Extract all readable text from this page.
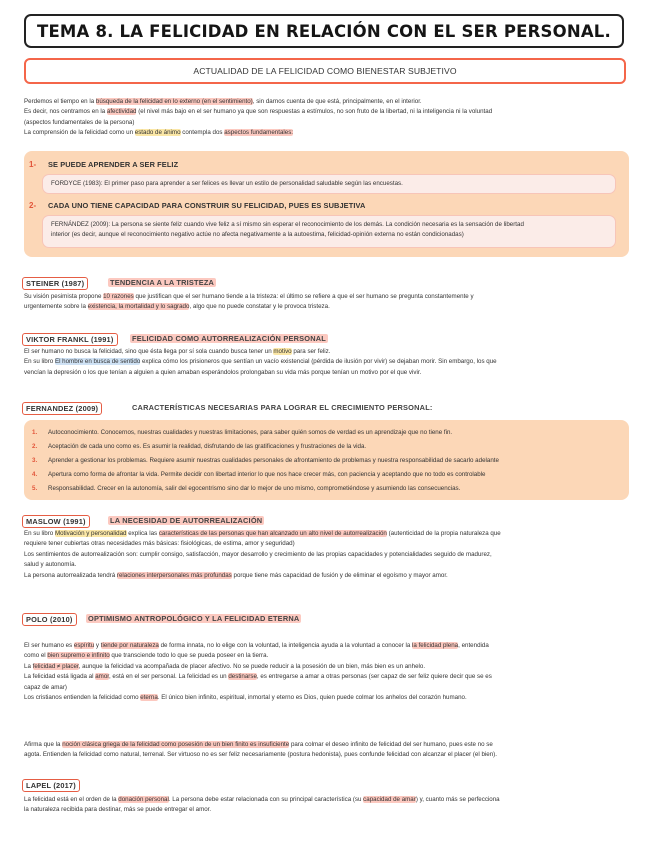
TEMA 8. LA FELICIDAD EN RELACIÓN CON EL SER PERSONAL.
ACTUALIDAD DE LA FELICIDAD COMO BIENESTAR SUBJETIVO
Perdemos el tiempo en la búsqueda de la felicidad en lo externo (en el sentimiento), sin darnos cuenta de que está, principalmente, en el interior.
Es decir, nos centramos en la afectividad (el nivel más bajo en el ser humano ya que son respuestas a estímulos, no son fruto de la libertad, ni la inteligencia ni la voluntad
(aspectos fundamentales de la persona)
La comprensión de la felicidad como un estado de ánimo contempla dos aspectos fundamentales:
1- SE PUEDE APRENDER A SER FELIZ
FORDYCE (1983): El primer paso para aprender a ser felices es llevar un estilo de personalidad saludable según las encuestas.
2- CADA UNO TIENE CAPACIDAD PARA CONSTRUIR SU FELICIDAD, PUES ES SUBJETIVA
FERNÁNDEZ (2009): La persona se siente feliz cuando vive feliz a sí mismo sin esperar el reconocimiento de los demás. La condición necesaria es la sensación de libertad
interior (es decir, aunque el reconocimiento negativo actúe no afecta negativamente a la autoestima, felicidad-opinión externa no están condicionadas)
STEINER (1987)	TENDENCIA A LA TRISTEZA
Su visión pesimista propone 10 razones que justifican que el ser humano tiende a la tristeza: el último se refiere a que el ser humano se pregunta constantemente y
urgentemente sobre la existencia, la mortalidad y lo sagrado, algo que no puede constatar y le provoca tristeza.
VIKTOR FRANKL (1991)	FELICIDAD COMO AUTORREALIZACIÓN PERSONAL
El ser humano no busca la felicidad, sino que ésta llega por sí sola cuando busca tener un motivo para ser feliz.
En su libro El hombre en busca de sentido explica cómo los prisioneros que sentían un vacío existencial (pérdida de ilusión por vivir) se dejaban morir. Sin embargo, los que
vencían la depresión o los que tenían a alguien a quien amaban esperándolos prolongaban su vida más porque tenían un motivo por el que vivir.
FERNANDEZ (2009)	CARACTERÍSTICAS NECESARIAS PARA LOGRAR EL CRECIMIENTO PERSONAL:
1. Autoconocimiento. Conocernos, nuestras cualidades y nuestras limitaciones, para saber quién somos de verdad es un aprendizaje que no tiene fin.
2. Aceptación de cada uno como es. Es asumir la realidad, disfrutando de las gratificaciones y frustraciones de la vida.
3. Aprender a gestionar los problemas. Requiere asumir nuestras cualidades personales de afrontamiento de problemas y nuestra responsabilidad de sacarlo adelante
4. Apertura como forma de afrontar la vida. Permite decidir con libertad interior lo que nos hace crecer más, con paciencia y aceptando que no todo es controlable
5. Responsabilidad. Crecer en la autonomía, salir del egocentrismo sino dar lo mejor de uno mismo, comprometiéndose y asumiendo las consecuencias.
MASLOW (1991)	LA NECESIDAD DE AUTORREALIZACIÓN
En su libro Motivación y personalidad explica las características de las personas que han alcanzado un alto nivel de autorrealización (autenticidad de la propia naturaleza que
requiere tener cubiertas otras necesidades más básicas: fisiológicas, de estima, amor y seguridad)
Los sentimientos de autorrealización son: cumplir consigo, satisfacción, mayor desarrollo y crecimiento de las propias capacidades y potencialidades seguido de madurez,
salud y autonomía.
La persona autorrealizada tendrá relaciones interpersonales más profundas porque tiene más capacidad de fusión y de eliminar el egoísmo y mayor amor.
POLO (2010)	OPTIMISMO ANTROPOLÓGICO Y LA FELICIDAD ETERNA
El ser humano es espíritu y tiende por naturaleza de forma innata, no lo elige con la voluntad, la inteligencia ayuda a la voluntad a conocer la la felicidad plena, entendida
como el bien supremo e infinito que transciende todo lo que se pueda poseer en la tierra.
La felicidad ≠ placer, aunque la felicidad va acompañada de placer afectivo. No se puede reducir a la posesión de un bien, más bien es un anhelo.
La felicidad está ligada al amor, está en el ser personal. La felicidad es un destinarse, es entregarse a amar a otras personas (ser capaz de ser feliz quiere decir que se es
capaz de amar)
Los cristianos entienden la felicidad como eterna. El único bien infinito, espiritual, inmortal y eterno es Dios, quien puede colmar los anhelos del corazón humano.
Afirma que la noción clásica griega de la felicidad como posesión de un bien finito es insuficiente para colmar el deseo infinito de felicidad del ser humano, pues este no se
agota. Entienden la felicidad como natural, terrenal. Ser virtuoso no es ser feliz necesariamente (postura hedonista), pues confunde felicidad con alcanzar el placer (el bien).
LAPEL (2017)
La felicidad está en el orden de la donación personal. La persona debe estar relacionada con su principal característica (su capacidad de amar) y, cuanto más se perfecciona
la naturaleza recibida para destinar, más se puede entregar el amor.
